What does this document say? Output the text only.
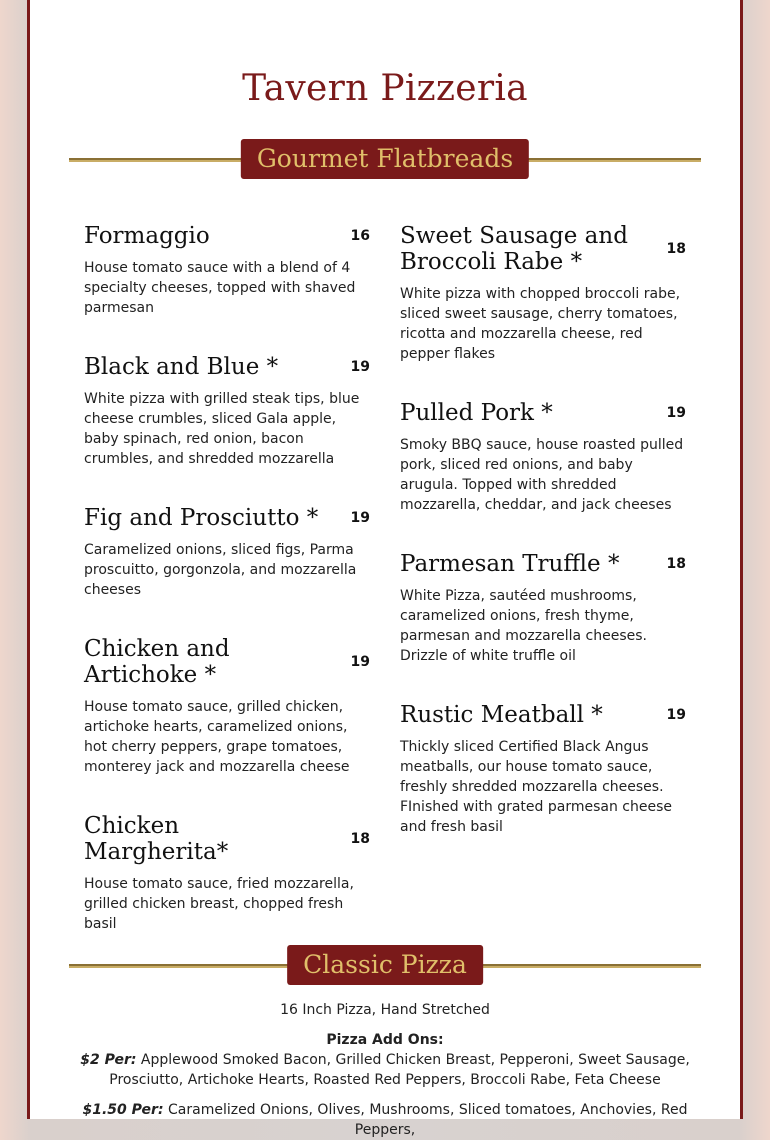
Tavern Pizzeria
Gourmet Flatbreads
Formaggio	16
House tomato sauce with a blend of 4 specialty cheeses, topped with shaved parmesan
Black and Blue *	19
White pizza with grilled steak tips, blue cheese crumbles, sliced Gala apple, baby spinach, red onion, bacon crumbles, and shredded mozzarella
Fig and Prosciutto *	19
Caramelized onions, sliced figs, Parma proscuitto, gorgonzola, and mozzarella cheeses
Chicken and Artichoke *	19
House tomato sauce, grilled chicken, artichoke hearts, caramelized onions, hot cherry peppers, grape tomatoes, monterey jack and mozzarella cheese
Chicken Margherita*	18
House tomato sauce, fried mozzarella, grilled chicken breast, chopped fresh basil
Sweet Sausage and Broccoli Rabe *	18
White pizza with chopped broccoli rabe, sliced sweet sausage, cherry tomatoes, ricotta and mozzarella cheese, red pepper flakes
Pulled Pork *	19
Smoky BBQ sauce, house roasted pulled pork, sliced red onions, and baby arugula. Topped with shredded mozzarella, cheddar, and jack cheeses
Parmesan Truffle *	18
White Pizza, sautéed mushrooms, caramelized onions, fresh thyme, parmesan and mozzarella cheeses. Drizzle of white truffle oil
Rustic Meatball *	19
Thickly sliced Certified Black Angus meatballs, our house tomato sauce, freshly shredded mozzarella cheeses. FInished with grated parmesan cheese and fresh basil
Classic Pizza
16 Inch Pizza, Hand Stretched
Pizza Add Ons:
$2 Per: Applewood Smoked Bacon, Grilled Chicken Breast, Pepperoni, Sweet Sausage, Prosciutto, Artichoke Hearts, Roasted Red Peppers, Broccoli Rabe, Feta Cheese
$1.50 Per: Caramelized Onions, Olives, Mushrooms, Sliced tomatoes, Anchovies, Red Peppers,
